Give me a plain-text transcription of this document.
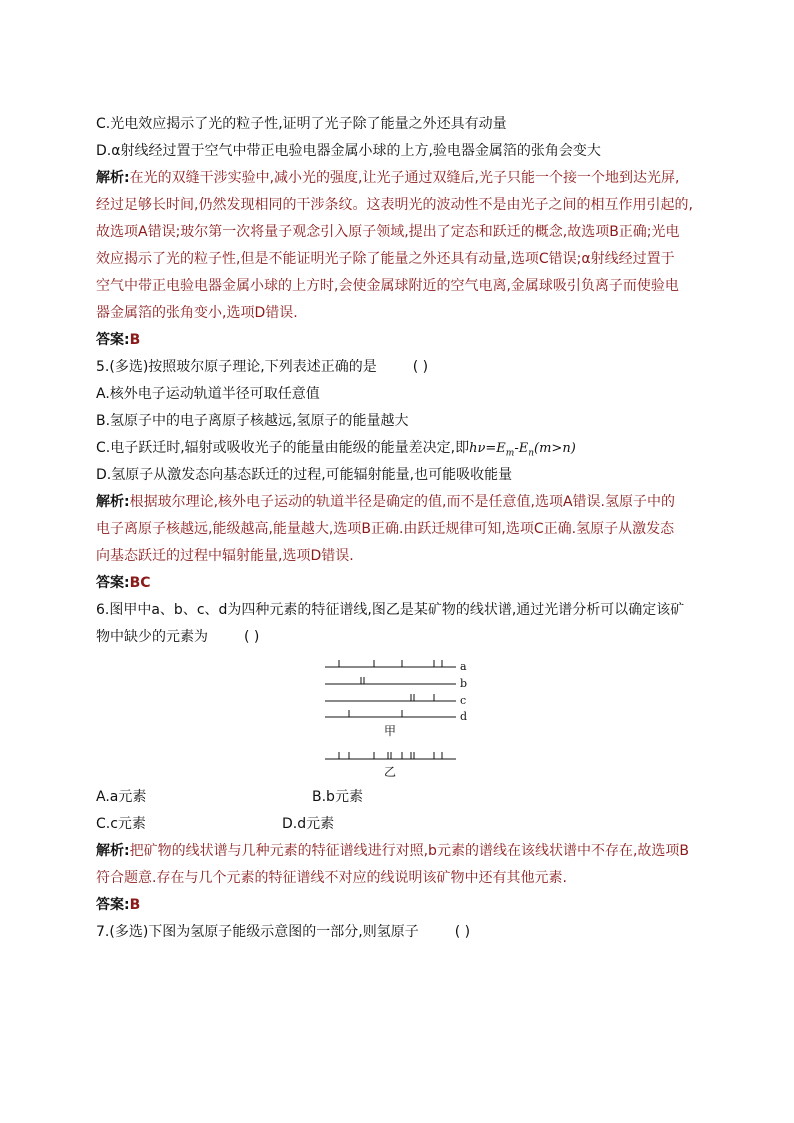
C.光电效应揭示了光的粒子性,证明了光子除了能量之外还具有动量
D.α射线经过置于空气中带正电验电器金属小球的上方,验电器金属箔的张角会变大
解析:在光的双缝干涉实验中,减小光的强度,让光子通过双缝后,光子只能一个接一个地到达光屏,
经过足够长时间,仍然发现相同的干涉条纹。这表明光的波动性不是由光子之间的相互作用引起的,
故选项A错误;玻尔第一次将量子观念引入原子领域,提出了定态和跃迁的概念,故选项B正确;光电
效应揭示了光的粒子性,但是不能证明光子除了能量之外还具有动量,选项C错误;α射线经过置于
空气中带正电验电器金属小球的上方时,会使金属球附近的空气电离,金属球吸引负离子而使验电
器金属箔的张角变小,选项D错误.
答案:B
5.(多选)按照玻尔原子理论,下列表述正确的是	( )
A.核外电子运动轨道半径可取任意值
B.氢原子中的电子离原子核越远,氢原子的能量越大
C.电子跃迁时,辐射或吸收光子的能量由能级的能量差决定,即$h\nu=E_m-E_n(m>n)$
D.氢原子从激发态向基态跃迁的过程,可能辐射能量,也可能吸收能量
解析:根据玻尔理论,核外电子运动的轨道半径是确定的值,而不是任意值,选项A错误.氢原子中的
电子离原子核越远,能级越高,能量越大,选项B正确.由跃迁规律可知,选项C正确.氢原子从激发态
向基态跃迁的过程中辐射能量,选项D错误.
答案:BC
6.图甲中a、b、c、d为四种元素的特征谱线,图乙是某矿物的线状谱,通过光谱分析可以确定该矿
物中缺少的元素为	( )
a
b
c
d
甲
乙
A.a元素	B.b元素
C.c元素	D.d元素
解析:把矿物的线状谱与几种元素的特征谱线进行对照,b元素的谱线在该线状谱中不存在,故选项B
符合题意.存在与几个元素的特征谱线不对应的线说明该矿物中还有其他元素.
答案:B
7.(多选)下图为氢原子能级示意图的一部分,则氢原子	( )
